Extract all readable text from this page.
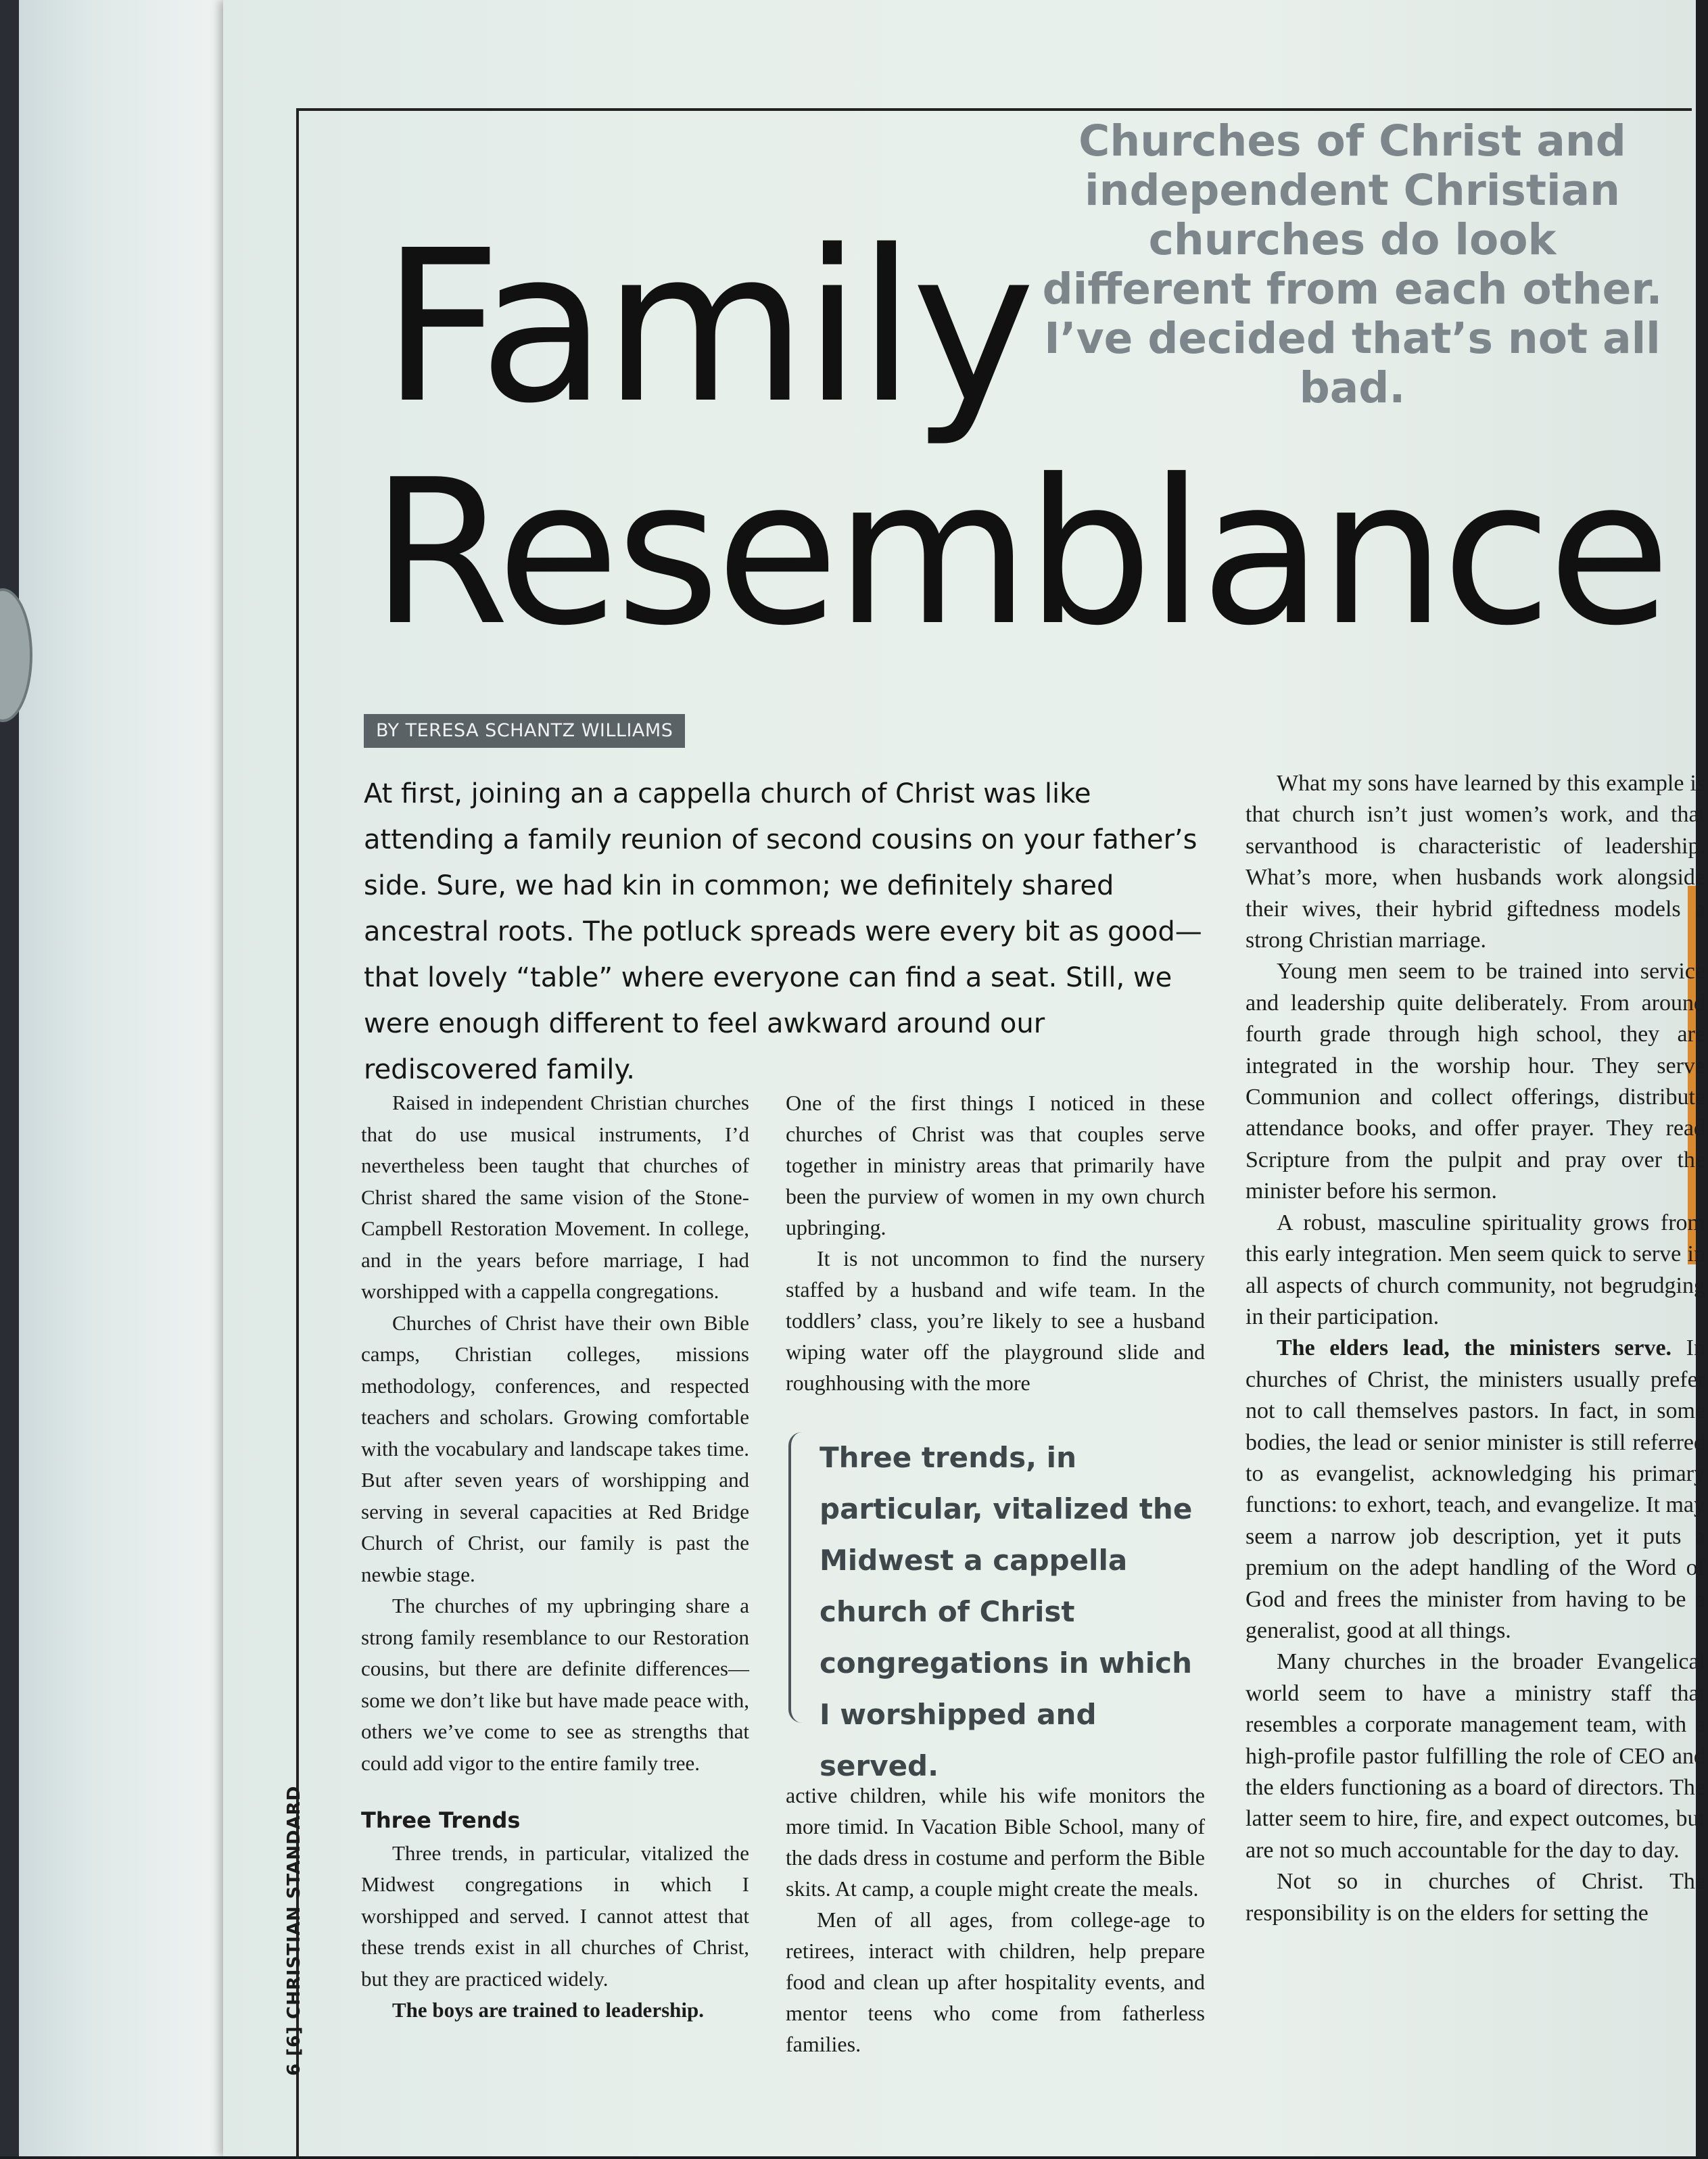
Family
Resemblance
Churches of Christ and independent Christian churches do look different from each other. I’ve decided that’s not all bad.
BY TERESA SCHANTZ WILLIAMS

At first, joining an a cappella church of Christ was like attending a family reunion of second cousins on your father’s side. Sure, we had kin in common; we definitely shared ancestral roots. The potluck spreads were every bit as good—that lovely “table” where everyone can find a seat. Still, we were enough different to feel awkward around our rediscovered family.

Raised in independent Christian churches that do use musical instruments, I’d nevertheless been taught that churches of Christ shared the same vision of the Stone-Campbell Restoration Movement. In college, and in the years before marriage, I had worshipped with a cappella congregations.

Churches of Christ have their own Bible camps, Christian colleges, missions methodology, conferences, and respected teachers and scholars. Growing comfortable with the vocabulary and landscape takes time. But after seven years of worshipping and serving in several capacities at Red Bridge Church of Christ, our family is past the newbie stage.

The churches of my upbringing share a strong family resemblance to our Restoration cousins, but there are definite differences—some we don’t like but have made peace with, others we’ve come to see as strengths that could add vigor to the entire family tree.

Three Trends

Three trends, in particular, vitalized the Midwest congregations in which I worshipped and served. I cannot attest that these trends exist in all churches of Christ, but they are practiced widely.

The boys are trained to leadership.

One of the first things I noticed in these churches of Christ was that couples serve together in ministry areas that primarily have been the purview of women in my own church upbringing.

It is not uncommon to find the nursery staffed by a husband and wife team. In the toddlers’ class, you’re likely to see a husband wiping water off the playground slide and roughhousing with the more

Three trends, in particular, vitalized the Midwest a cappella church of Christ congregations in which I worshipped and served.

active children, while his wife monitors the more timid. In Vacation Bible School, many of the dads dress in costume and perform the Bible skits. At camp, a couple might create the meals.

Men of all ages, from college-age to retirees, interact with children, help prepare food and clean up after hospitality events, and mentor teens who come from fatherless families.

What my sons have learned by this example is that church isn’t just women’s work, and that servanthood is characteristic of leadership. What’s more, when husbands work alongside their wives, their hybrid giftedness models a strong Christian marriage.

Young men seem to be trained into service and leadership quite deliberately. From around fourth grade through high school, they are integrated in the worship hour. They serve Communion and collect offerings, distribute attendance books, and offer prayer. They read Scripture from the pulpit and pray over the minister before his sermon.

A robust, masculine spirituality grows from this early integration. Men seem quick to serve in all aspects of church community, not begrudging in their participation.

The elders lead, the ministers serve. In churches of Christ, the ministers usually prefer not to call themselves pastors. In fact, in some bodies, the lead or senior minister is still referred to as evangelist, acknowledging his primary functions: to exhort, teach, and evangelize. It may seem a narrow job description, yet it puts a premium on the adept handling of the Word of God and frees the minister from having to be a generalist, good at all things.

Many churches in the broader Evangelical world seem to have a ministry staff that resembles a corporate management team, with a high-profile pastor fulfilling the role of CEO and the elders functioning as a board of directors. The latter seem to hire, fire, and expect outcomes, but are not so much accountable for the day to day.

Not so in churches of Christ. The responsibility is on the elders for setting the

6 [6] CHRISTIAN STANDARD
